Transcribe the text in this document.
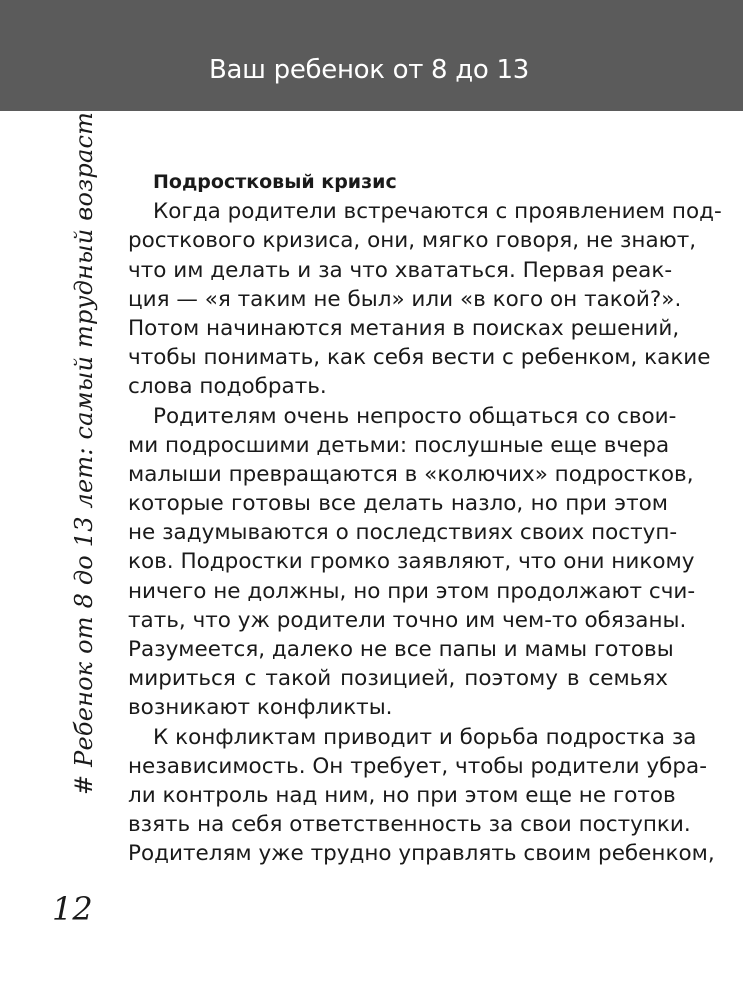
Ваш ребенок от 8 до 13
# Ребенок от 8 до 13 лет: самый трудный возраст
12
Подростковый кризис
Когда родители встречаются с проявлением под-
росткового кризиса, они, мягко говоря, не знают,
что им делать и за что хвататься. Первая реак-
ция — «я таким не был» или «в кого он такой?».
Потом начинаются метания в поисках решений,
чтобы понимать, как себя вести с ребенком, какие
слова подобрать.
Родителям очень непросто общаться со свои-
ми подросшими детьми: послушные еще вчера
малыши превращаются в «колючих» подростков,
которые готовы все делать назло, но при этом
не задумываются о последствиях своих поступ-
ков. Подростки громко заявляют, что они никому
ничего не должны, но при этом продолжают счи-
тать, что уж родители точно им чем-то обязаны.
Разумеется, далеко не все папы и мамы готовы
мириться с такой позицией, поэтому в семьях
возникают конфликты.
К конфликтам приводит и борьба подростка за
независимость. Он требует, чтобы родители убра-
ли контроль над ним, но при этом еще не готов
взять на себя ответственность за свои поступки.
Родителям уже трудно управлять своим ребенком,
